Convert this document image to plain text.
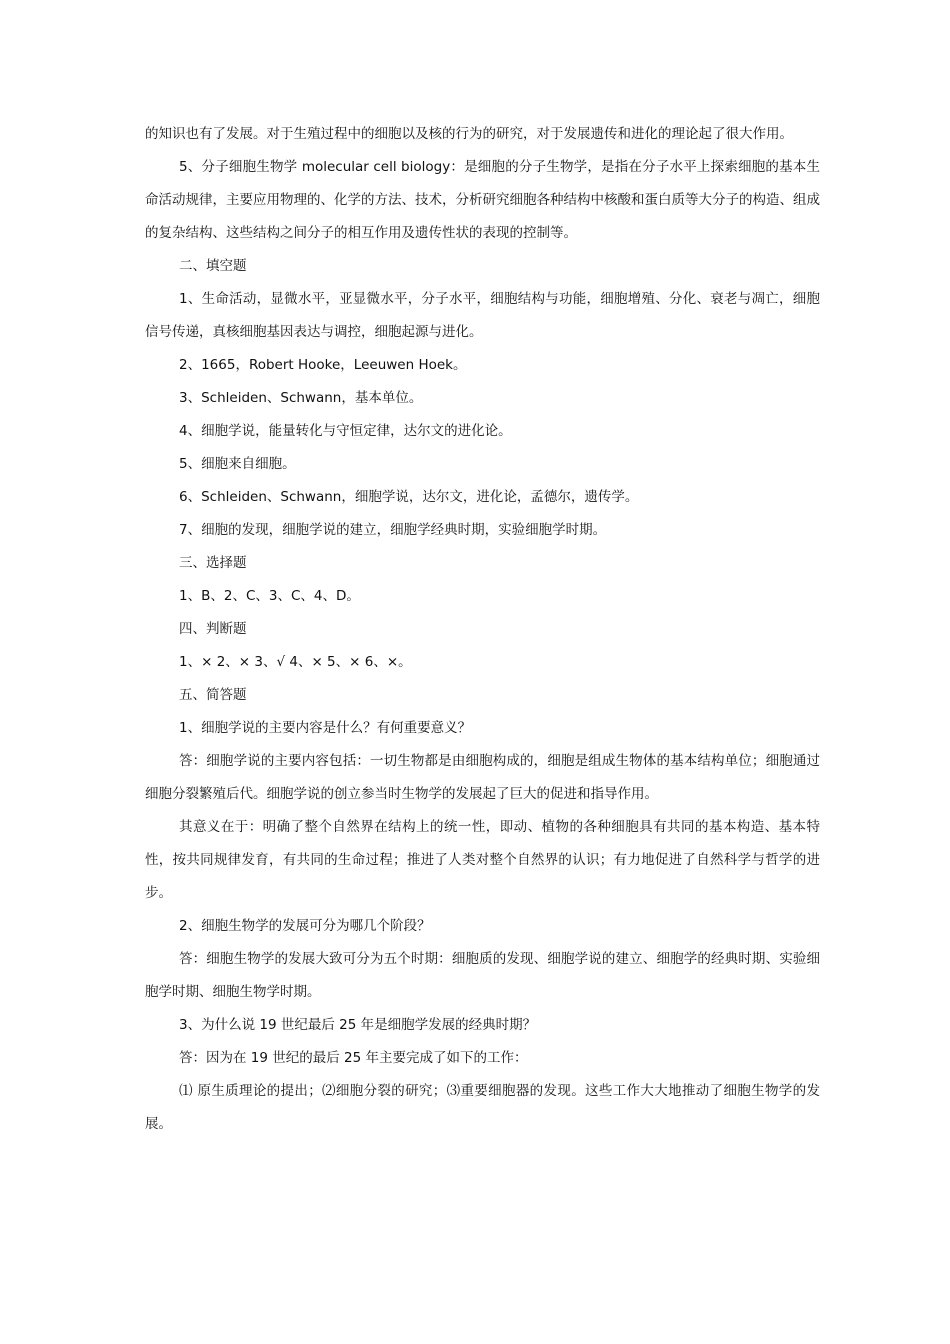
的知识也有了发展。对于生殖过程中的细胞以及核的行为的研究，对于发展遗传和进化的理论起了很大作用。

5、分子细胞生物学 molecular cell biology：是细胞的分子生物学，是指在分子水平上探索细胞的基本生命活动规律，主要应用物理的、化学的方法、技术，分析研究细胞各种结构中核酸和蛋白质等大分子的构造、组成的复杂结构、这些结构之间分子的相互作用及遗传性状的表现的控制等。

二、填空题

1、生命活动，显微水平，亚显微水平，分子水平，细胞结构与功能，细胞增殖、分化、衰老与凋亡，细胞信号传递，真核细胞基因表达与调控，细胞起源与进化。

2、1665，Robert Hooke，Leeuwen Hoek。

3、Schleiden、Schwann，基本单位。

4、细胞学说，能量转化与守恒定律，达尔文的进化论。

5、细胞来自细胞。

6、Schleiden、Schwann，细胞学说，达尔文，进化论，孟德尔，遗传学。

7、细胞的发现，细胞学说的建立，细胞学经典时期，实验细胞学时期。

三、选择题

1、B、2、C、3、C、4、D。

四、判断题

1、× 2、× 3、√ 4、× 5、× 6、×。

五、简答题

1、细胞学说的主要内容是什么？有何重要意义？

答：细胞学说的主要内容包括：一切生物都是由细胞构成的，细胞是组成生物体的基本结构单位；细胞通过细胞分裂繁殖后代。细胞学说的创立参当时生物学的发展起了巨大的促进和指导作用。

其意义在于：明确了整个自然界在结构上的统一性，即动、植物的各种细胞具有共同的基本构造、基本特性，按共同规律发育，有共同的生命过程；推进了人类对整个自然界的认识；有力地促进了自然科学与哲学的进步。

2、细胞生物学的发展可分为哪几个阶段？

答：细胞生物学的发展大致可分为五个时期：细胞质的发现、细胞学说的建立、细胞学的经典时期、实验细胞学时期、细胞生物学时期。

3、为什么说 19 世纪最后 25 年是细胞学发展的经典时期？

答：因为在 19 世纪的最后 25 年主要完成了如下的工作：

⑴ 原生质理论的提出；⑵细胞分裂的研究；⑶重要细胞器的发现。这些工作大大地推动了细胞生物学的发展。
